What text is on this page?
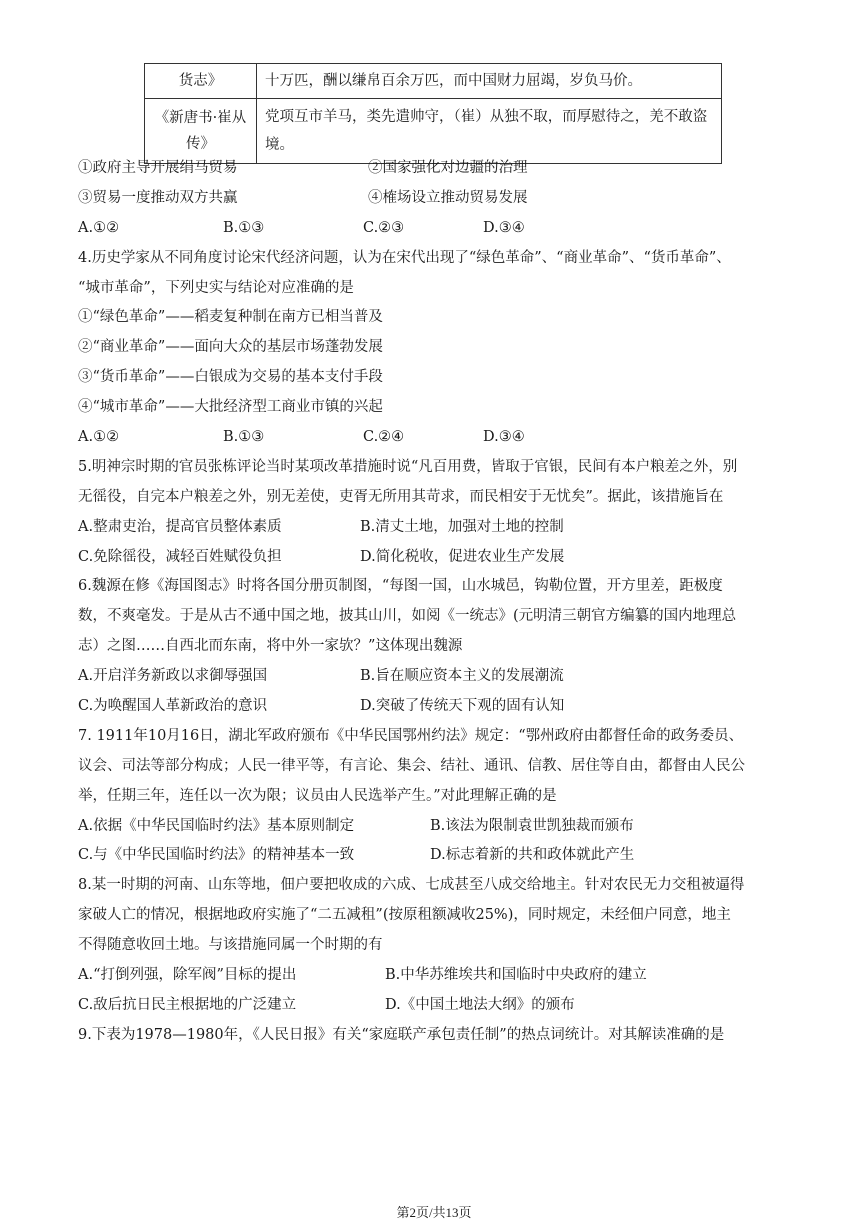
货志》	十万匹，酬以缣帛百余万匹，而中国财力屈竭，岁负马价。

《新唐书·崔从传》	党项互市羊马，类先遣帅守，（崔）从独不取，而厚慰待之，羌不敢盗境。
①政府主导开展绢马贸易	②国家强化对边疆的治理
③贸易一度推动双方共赢	④榷场设立推动贸易发展
A.①②	B.①③	C.②③	D.③④
4.历史学家从不同角度讨论宋代经济问题，认为在宋代出现了“绿色革命”、“商业革命”、“货币革命”、
“城市革命”，下列史实与结论对应准确的是
①“绿色革命”——稻麦复种制在南方已相当普及
②“商业革命”——面向大众的基层市场蓬勃发展
③“货币革命”——白银成为交易的基本支付手段
④“城市革命”——大批经济型工商业市镇的兴起
A.①②	B.①③	C.②④	D.③④
5.明神宗时期的官员张栋评论当时某项改革措施时说“凡百用费，皆取于官银，民间有本户粮差之外，别
无徭役，自完本户粮差之外，别无差使，吏胥无所用其苛求，而民相安于无忧矣”。据此，该措施旨在
A.整肃吏治，提高官员整体素质	B.清丈土地，加强对土地的控制
C.免除徭役，减轻百姓赋役负担	D.简化税收，促进农业生产发展
6.魏源在修《海国图志》时将各国分册页制图，“每图一国，山水城邑，钩勒位置，开方里差，距极度
数，不爽毫发。于是从古不通中国之地，披其山川，如阅《一统志》(元明清三朝官方编纂的国内地理总
志）之图……自西北而东南，将中外一家欤？”这体现出魏源
A.开启洋务新政以求御辱强国	B.旨在顺应资本主义的发展潮流
C.为唤醒国人革新政治的意识	D.突破了传统天下观的固有认知
7. 1911年10月16日，湖北军政府颁布《中华民国鄂州约法》规定：“鄂州政府由都督任命的政务委员、
议会、司法等部分构成；人民一律平等，有言论、集会、结社、通讯、信教、居住等自由，都督由人民公
举，任期三年，连任以一次为限；议员由人民选举产生。”对此理解正确的是
A.依据《中华民国临时约法》基本原则制定	B.该法为限制袁世凯独裁而颁布
C.与《中华民国临时约法》的精神基本一致	D.标志着新的共和政体就此产生
8.某一时期的河南、山东等地，佃户要把收成的六成、七成甚至八成交给地主。针对农民无力交租被逼得
家破人亡的情况，根据地政府实施了“二五减租”(按原租额减收25%)，同时规定，未经佃户同意，地主
不得随意收回土地。与该措施同属一个时期的有
A.“打倒列强，除军阀”目标的提出	B.中华苏维埃共和国临时中央政府的建立
C.敌后抗日民主根据地的广泛建立	D.《中国土地法大纲》的颁布
9.下表为1978—1980年，《人民日报》有关“家庭联产承包责任制”的热点词统计。对其解读准确的是
第2页/共13页
